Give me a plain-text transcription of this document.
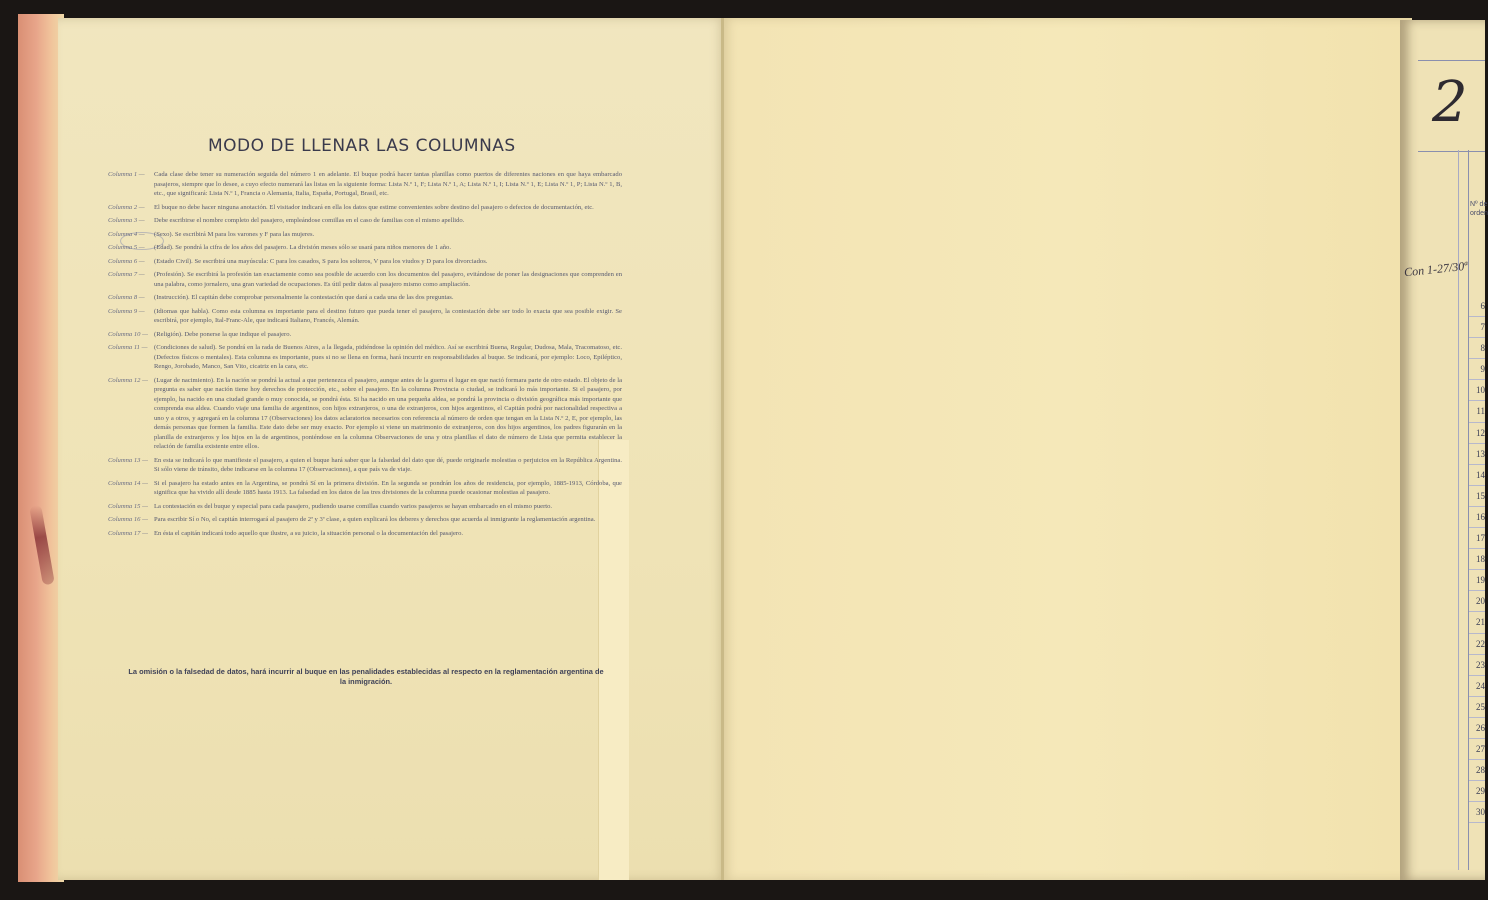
MODO DE LLENAR LAS COLUMNAS
Columna 1 —	Cada clase debe tener su numeración seguida del número 1 en adelante. El buque podrá hacer tantas planillas como puertos de diferentes naciones en que haya embarcado pasajeros, siempre que lo desee, a cuyo efecto numerará las listas en la siguiente forma: Lista N.º 1, F; Lista N.º 1, A; Lista N.º 1, I; Lista N.º 1, E; Lista N.º 1, P; Lista N.º 1, B, etc., que significará: Lista N.º 1, Francia o Alemania, Italia, España, Portugal, Brasil, etc.
Columna 2 —	El buque no debe hacer ninguna anotación. El visitador indicará en ella los datos que estime convenientes sobre destino del pasajero o defectos de documentación, etc.
Columna 3 —	Debe escribirse el nombre completo del pasajero, empleándose comillas en el caso de familias con el mismo apellido.
Columna 4 —	(Sexo). Se escribirá M para los varones y F para las mujeres.
Columna 5 —	(Edad). Se pondrá la cifra de los años del pasajero. La división meses sólo se usará para niños menores de 1 año.
Columna 6 —	(Estado Civil). Se escribirá una mayúscula: C para los casados, S para los solteros, V para los viudos y D para los divorciados.
Columna 7 —	(Profesión). Se escribirá la profesión tan exactamente como sea posible de acuerdo con los documentos del pasajero, evitándose de poner las designaciones que comprenden en una palabra, como jornalero, una gran variedad de ocupaciones. Es útil pedir datos al pasajero mismo como ampliación.
Columna 8 —	(Instrucción). El capitán debe comprobar personalmente la contestación que dará a cada una de las dos preguntas.
Columna 9 —	(Idiomas que habla). Como esta columna es importante para el destino futuro que pueda tener el pasajero, la contestación debe ser todo lo exacta que sea posible exigir. Se escribirá, por ejemplo, Ital-Franc-Ale, que indicará Italiano, Francés, Alemán.
Columna 10 — (Religión). Debe ponerse la que indique el pasajero.
Columna 11 — (Condiciones de salud). Se pondrá en la rada de Buenos Aires, a la llegada, pidiéndose la opinión del médico. Así se escribirá Buena, Regular, Dudosa, Mala, Tracomatoso, etc. (Defectos físicos o mentales). Esta columna es importante, pues si no se llena en forma, hará incurrir en responsabilidades al buque. Se indicará, por ejemplo: Loco, Epiléptico, Rengo, Jorobado, Manco, San Vito, cicatriz en la cara, etc.
Columna 12 — (Lugar de nacimiento). En la nación se pondrá la actual a que pertenezca el pasajero, aunque antes de la guerra el lugar en que nació formara parte de otro estado. El objeto de la pregunta es saber que nación tiene hoy derechos de protección, etc., sobre el pasajero. En la columna Provincia o ciudad, se indicará lo más importante. Si el pasajero, por ejemplo, ha nacido en una ciudad grande o muy conocida, se pondrá ésta. Si ha nacido en una pequeña aldea, se pondrá la provincia o división geográfica más importante que comprenda esa aldea. Cuando viaje una familia de argentinos, con hijos extranjeros, o una de extranjeros, con hijos argentinos, el Capitán podrá por nacionalidad respectiva a uno y a otros, y agregará en la columna 17 (Observaciones) los datos aclaratorios necesarios con referencia al número de orden que tengan en la Lista N.º 2, E, por ejemplo, las demás personas que formen la familia. Este dato debe ser muy exacto. Por ejemplo si viene un matrimonio de extranjeros, con dos hijos argentinos, los padres figurarán en la planilla de extranjeros y los hijos en la de argentinos, poniéndose en la columna Observaciones de una y otra planillas el dato de número de Lista que permita establecer la relación de familia existente entre ellos.
Columna 13 — En esta se indicará lo que manifieste el pasajero, a quien el buque hará saber que la falsedad del dato que dé, puede originarle molestias o perjuicios en la República Argentina. Si sólo viene de tránsito, debe indicarse en la columna 17 (Observaciones), a que país va de viaje.
Columna 14 — Si el pasajero ha estado antes en la Argentina, se pondrá Sí en la primera división. En la segunda se pondrán los años de residencia, por ejemplo, 1885-1913, Córdoba, que significa que ha vivido allí desde 1885 hasta 1913. La falsedad en los datos de las tres divisiones de la columna puede ocasionar molestias al pasajero.
Columna 15 — La contestación es del buque y especial para cada pasajero, pudiendo usarse comillas cuando varios pasajeros se hayan embarcado en el mismo puerto.
Columna 16 — Para escribir Sí o No, el capitán interrogará al pasajero de 2ª y 3ª clase, a quien explicará los deberes y derechos que acuerda al inmigrante la reglamentación argentina.
Columna 17 — En ésta el capitán indicará todo aquello que ilustre, a su juicio, la situación personal o la documentación del pasajero.
La omisión o la falsedad de datos, hará incurrir al buque en las penalidades establecidas al respecto en la reglamentación argentina de la inmigración.
2
Nº de orden
Con 1-27/30ª
6
7
8
9
10
11
12
13
14
15
16
17
18
19
20
21
22
23
24
25
26
27
28
29
30
